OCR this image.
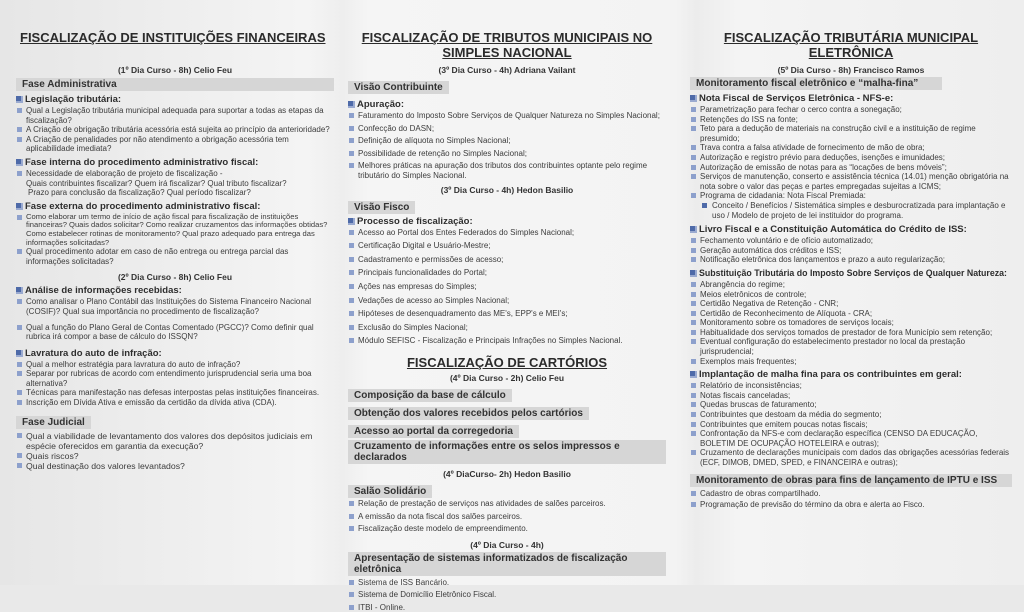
FISCALIZAÇÃO DE INSTITUIÇÕES FINANCEIRAS
(1º Dia Curso - 8h) Celio Feu
Fase Administrativa
Legislação tributária:
Qual a Legislação tributária municipal adequada para suportar a todas as etapas da fiscalização?
A Criação de obrigação tributária acessória está sujeita ao princípio da anterioridade?
A Criação de penalidades por não atendimento a obrigação acessória tem aplicabilidade imediata?
Fase interna do procedimento administrativo fiscal:
Necessidade de elaboração de projeto de fiscalização -
Quais contribuintes fiscalizar? Quem irá fiscalizar? Qual tributo fiscalizar?
Prazo para conclusão da fiscalização? Qual período fiscalizar?
Fase externa do procedimento administrativo fiscal:
Como elaborar um termo de início de ação fiscal para fiscalização de instituições financeiras? Quais dados solicitar? Como realizar cruzamentos das informações obtidas? Como estabelecer rotinas de monitoramento? Qual prazo adequado para entrega das informações solicitadas?
Qual procedimento adotar em caso de não entrega ou entrega parcial das informações solicitadas?
(2º Dia Curso - 8h) Celio Feu
Análise de informações recebidas:
Como analisar o Plano Contábil das Instituições do Sistema Financeiro Nacional (COSIF)? Qual sua importância no procedimento de fiscalização?
Qual a função do Plano Geral de Contas Comentado (PGCC)? Como definir qual rubrica irá compor a base de cálculo do ISSQN?
Lavratura do auto de infração:
Qual a melhor estratégia para lavratura do auto de infração?
Separar por rubricas de acordo com entendimento jurisprudencial seria uma boa alternativa?
Técnicas para manifestação nas defesas interpostas pelas instituições financeiras.
Inscrição em Dívida Ativa e emissão da certidão da dívida ativa (CDA).
Fase Judicial
Qual a viabilidade de levantamento dos valores dos depósitos judiciais em espécie oferecidos em garantia da execução?
Quais riscos?
Qual destinação dos valores levantados?
FISCALIZAÇÃO DE TRIBUTOS MUNICIPAIS NO
SIMPLES NACIONAL
(3º Dia Curso - 4h) Adriana Vailant
Visão Contribuinte
Apuração:
Faturamento do Imposto Sobre Serviços de Qualquer Natureza no Simples Nacional;
Confecção do DASN;
Definição de alíquota no Simples Nacional;
Possibilidade de retenção no Simples Nacional;
Melhores práticas na apuração dos tributos dos contribuintes optante pelo regime tributário do Simples Nacional.
(3º Dia Curso - 4h) Hedon Basilio
Visão Fisco
Processo de fiscalização:
Acesso ao Portal dos Entes Federados do Simples Nacional;
Certificação Digital e Usuário-Mestre;
Cadastramento e permissões de acesso;
Principais funcionalidades do Portal;
Ações nas empresas do Simples;
Vedações de acesso ao Simples Nacional;
Hipóteses de desenquadramento das ME's, EPP's e MEI's;
Exclusão do Simples Nacional;
Módulo SEFISC - Fiscalização e Principais Infrações no Simples Nacional.
FISCALIZAÇÃO DE CARTÓRIOS
(4º Dia Curso - 2h) Celio Feu
Composição da base de cálculo
Obtenção dos valores recebidos pelos cartórios
Acesso ao portal da corregedoria
Cruzamento de informações entre os selos impressos e declarados
(4º DiaCurso- 2h) Hedon Basilio
Salão Solidário
Relação de prestação de serviços nas atividades de salões parceiros.
A emissão da nota fiscal dos salões parceiros.
Fiscalização deste modelo de empreendimento.
(4º Dia Curso - 4h)
Apresentação de sistemas informatizados de fiscalização eletrônica
Sistema de ISS Bancário.
Sistema de Domicílio Eletrônico Fiscal.
ITBI - Online.
FISCALIZAÇÃO TRIBUTÁRIA MUNICIPAL
ELETRÔNICA
(5º Dia Curso - 8h) Francisco Ramos
Monitoramento fiscal eletrônico e “malha-fina”
Nota Fiscal de Serviços Eletrônica - NFS-e:
Parametrização para fechar o cerco contra a sonegação;
Retenções do ISS na fonte;
Teto para a dedução de materiais na construção civil e a instituição de regime presumido;
Trava contra a falsa atividade de fornecimento de mão de obra;
Autorização e registro prévio para deduções, isenções e imunidades;
Autorização de emissão de notas para as “locações de bens móveis”;
Serviços de manutenção, conserto e assistência técnica (14.01) menção obrigatória na nota sobre o valor das peças e partes empregadas sujeitas a ICMS;
Programa de cidadania: Nota Fiscal Premiada:
Conceito / Benefícios / Sistemática simples e desburocratizada para implantação e uso / Modelo de projeto de lei instituidor do programa.
Livro Fiscal e a Constituição Automática do Crédito de ISS:
Fechamento voluntário e de ofício automatizado;
Geração automática dos créditos e ISS;
Notificação eletrônica dos lançamentos e prazo a auto regularização;
Substituição Tributária do Imposto Sobre Serviços de Qualquer Natureza:
Abrangência do regime;
Meios eletrônicos de controle;
Certidão Negativa de Retenção - CNR;
Certidão de Reconhecimento de Alíquota - CRA;
Monitoramento sobre os tomadores de serviços locais;
Habitualidade dos serviços tomados de prestador de fora Município sem retenção;
Eventual configuração do estabelecimento prestador no local da prestação jurisprudencial;
Exemplos mais frequentes;
Implantação de malha fina para os contribuintes em geral:
Relatório de inconsistências;
Notas fiscais canceladas;
Quedas bruscas de faturamento;
Contribuintes que destoam da média do segmento;
Contribuintes que emitem poucas notas fiscais;
Confrontação da NFS-e com declaração específica (CENSO DA EDUCAÇÃO, BOLETIM DE OCUPAÇÃO HOTELEIRA e outras);
Cruzamento de declarações municipais com dados das obrigações acessórias federais (ECF, DIMOB, DMED, SPED, e FINANCEIRA e outras);
Monitoramento de obras para fins de lançamento de IPTU e ISS
Cadastro de obras compartilhado.
Programação de previsão do término da obra e alerta ao Fisco.
